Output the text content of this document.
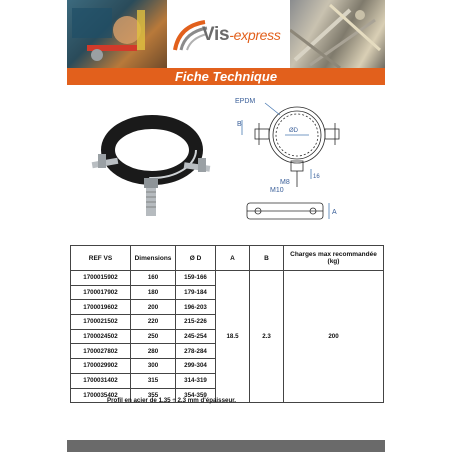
Vis-express
Fiche Technique
EPDM
B
ØD
16
M8
M10
A
REF VS	Dimensions	Ø D	A	B	Charges max recommandée (kg)
1700015902	160	159-166	18.5	2.3	200
1700017902	180	179-184			
1700019602	200	196-203			
1700021502	220	215-226			
1700024502	250	245-254			
1700027802	280	278-284			
1700029902	300	299-304			
1700031402	315	314-319			
1700035402	355	354-359			
Profil en acier de 1.35 ÷ 2.3 mm d'épaisseur.
